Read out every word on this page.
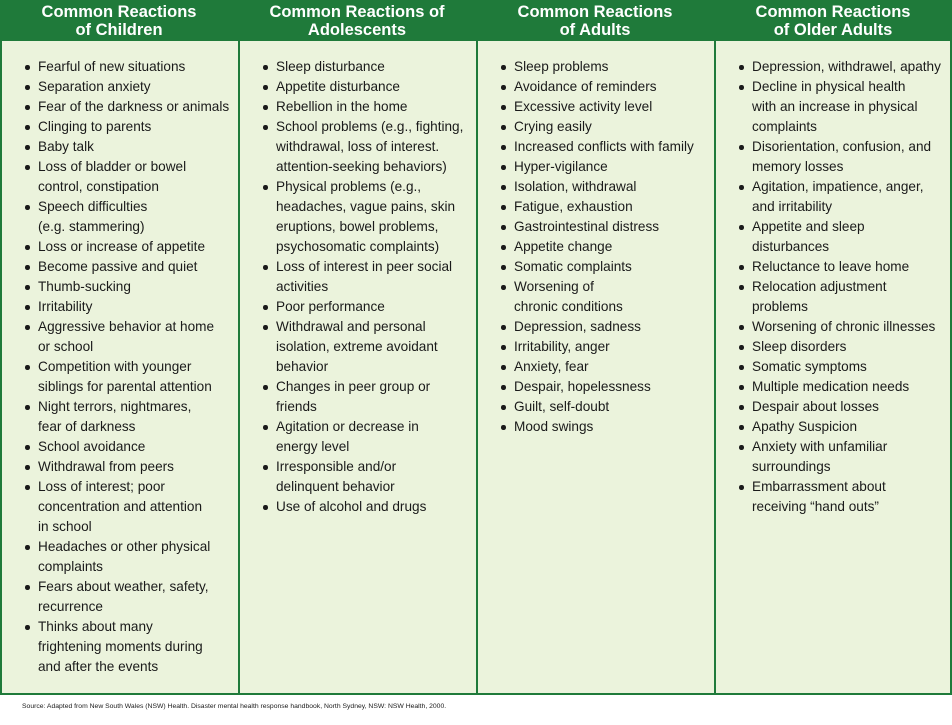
Common Reactions
of Children
Common Reactions of
Adolescents
Common Reactions
of Adults
Common Reactions
of Older Adults
Fearful of new situations
Separation anxiety
Fear of the darkness or animals
Clinging to parents
Baby talk
Loss of bladder or bowel
control, constipation
Speech difficulties
(e.g. stammering)
Loss or increase of appetite
Become passive and quiet
Thumb-sucking
Irritability
Aggressive behavior at home
or school
Competition with younger
siblings for parental attention
Night terrors, nightmares,
fear of darkness
School avoidance
Withdrawal from peers
Loss of interest; poor
concentration and attention
in school
Headaches or other physical
complaints
Fears about weather, safety,
recurrence
Thinks about many
frightening moments during
and after the events
Sleep disturbance
Appetite disturbance
Rebellion in the home
School problems (e.g., fighting,
withdrawal, loss of interest.
attention-seeking behaviors)
Physical problems (e.g.,
headaches, vague pains, skin
eruptions, bowel problems,
psychosomatic complaints)
Loss of interest in peer social
activities
Poor performance
Withdrawal and personal
isolation, extreme avoidant
behavior
Changes in peer group or
friends
Agitation or decrease in
energy level
Irresponsible and/or
delinquent behavior
Use of alcohol and drugs
Sleep problems
Avoidance of reminders
Excessive activity level
Crying easily
Increased conflicts with family
Hyper-vigilance
Isolation, withdrawal
Fatigue, exhaustion
Gastrointestinal distress
Appetite change
Somatic complaints
Worsening of
chronic conditions
Depression, sadness
Irritability, anger
Anxiety, fear
Despair, hopelessness
Guilt, self-doubt
Mood swings
Depression, withdrawel, apathy
Decline in physical health
with an increase in physical
complaints
Disorientation, confusion, and
memory losses
Agitation, impatience, anger,
and irritability
Appetite and sleep
disturbances
Reluctance to leave home
Relocation adjustment
problems
Worsening of chronic illnesses
Sleep disorders
Somatic symptoms
Multiple medication needs
Despair about losses
Apathy Suspicion
Anxiety with unfamiliar
surroundings
Embarrassment about
receiving “hand outs”
Source: Adapted from New South Wales (NSW) Health. Disaster mental health response handbook, North Sydney, NSW: NSW Health, 2000.
